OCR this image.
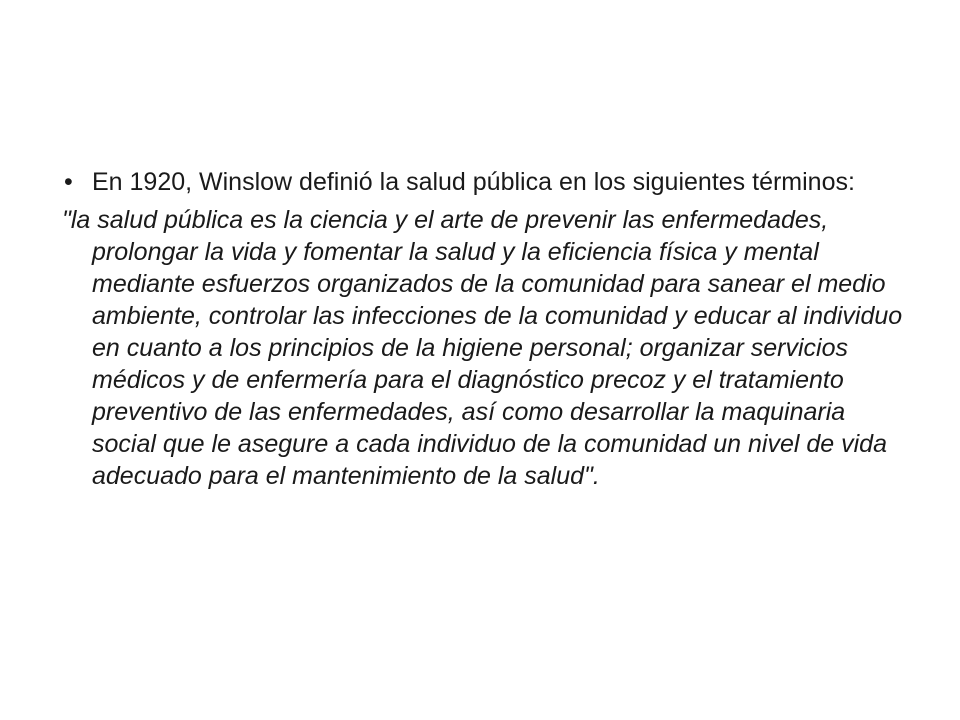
• En 1920, Winslow definió la salud pública en los siguientes términos:

"la salud pública es la ciencia y el arte de prevenir las enfermedades, prolongar la vida y fomentar la salud y la eficiencia física y mental mediante esfuerzos organizados de la comunidad para sanear el medio ambiente, controlar las infecciones de la comunidad y educar al individuo en cuanto a los principios de la higiene personal; organizar servicios médicos y de enfermería para el diagnóstico precoz y el tratamiento preventivo de las enfermedades, así como desarrollar la maquinaria social que le asegure a cada individuo de la comunidad un nivel de vida adecuado para el mantenimiento de la salud".
